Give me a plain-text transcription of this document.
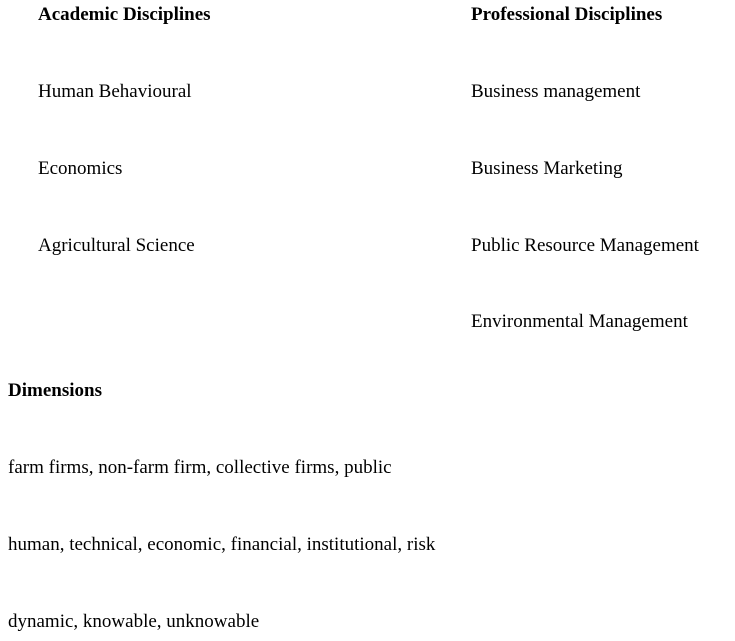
Academic Disciplines
Human Behavioural
Economics
Agricultural Science
Professional Disciplines
Business management
Business Marketing
Public Resource Management
Environmental Management
Dimensions
farm firms, non-farm firm, collective firms, public
human, technical, economic, financial, institutional, risk
dynamic, knowable, unknowable
